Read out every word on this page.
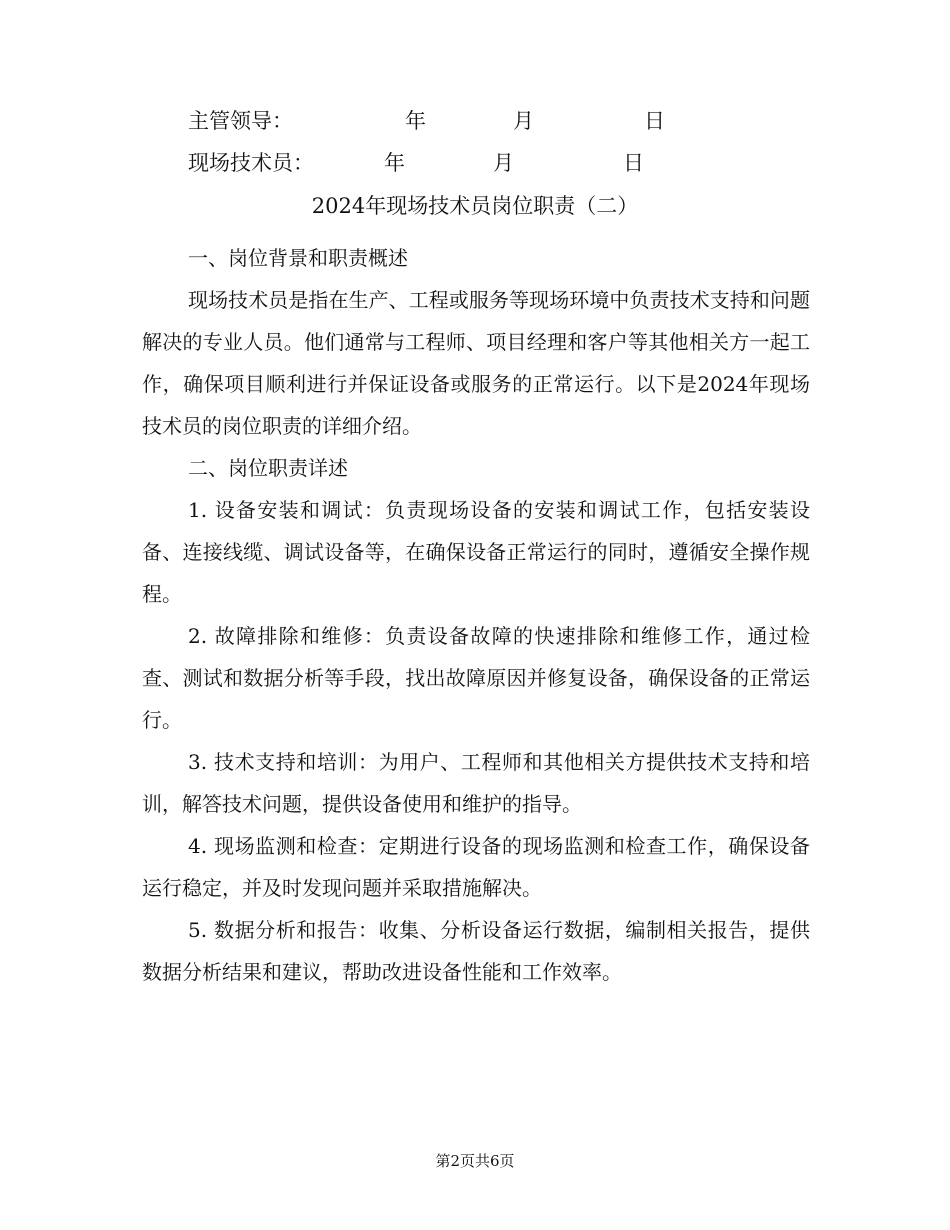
主管领导：	年	月	日
现场技术员：	年	月	日
2024年现场技术员岗位职责（二）

一、岗位背景和职责概述

现场技术员是指在生产、工程或服务等现场环境中负责技术支持和问题解决的专业人员。他们通常与工程师、项目经理和客户等其他相关方一起工作，确保项目顺利进行并保证设备或服务的正常运行。以下是2024年现场技术员的岗位职责的详细介绍。

二、岗位职责详述

1. 设备安装和调试：负责现场设备的安装和调试工作，包括安装设备、连接线缆、调试设备等，在确保设备正常运行的同时，遵循安全操作规程。

2. 故障排除和维修：负责设备故障的快速排除和维修工作，通过检查、测试和数据分析等手段，找出故障原因并修复设备，确保设备的正常运行。

3. 技术支持和培训：为用户、工程师和其他相关方提供技术支持和培训，解答技术问题，提供设备使用和维护的指导。

4. 现场监测和检查：定期进行设备的现场监测和检查工作，确保设备运行稳定，并及时发现问题并采取措施解决。

5. 数据分析和报告：收集、分析设备运行数据，编制相关报告，提供数据分析结果和建议，帮助改进设备性能和工作效率。

第2页共6页
